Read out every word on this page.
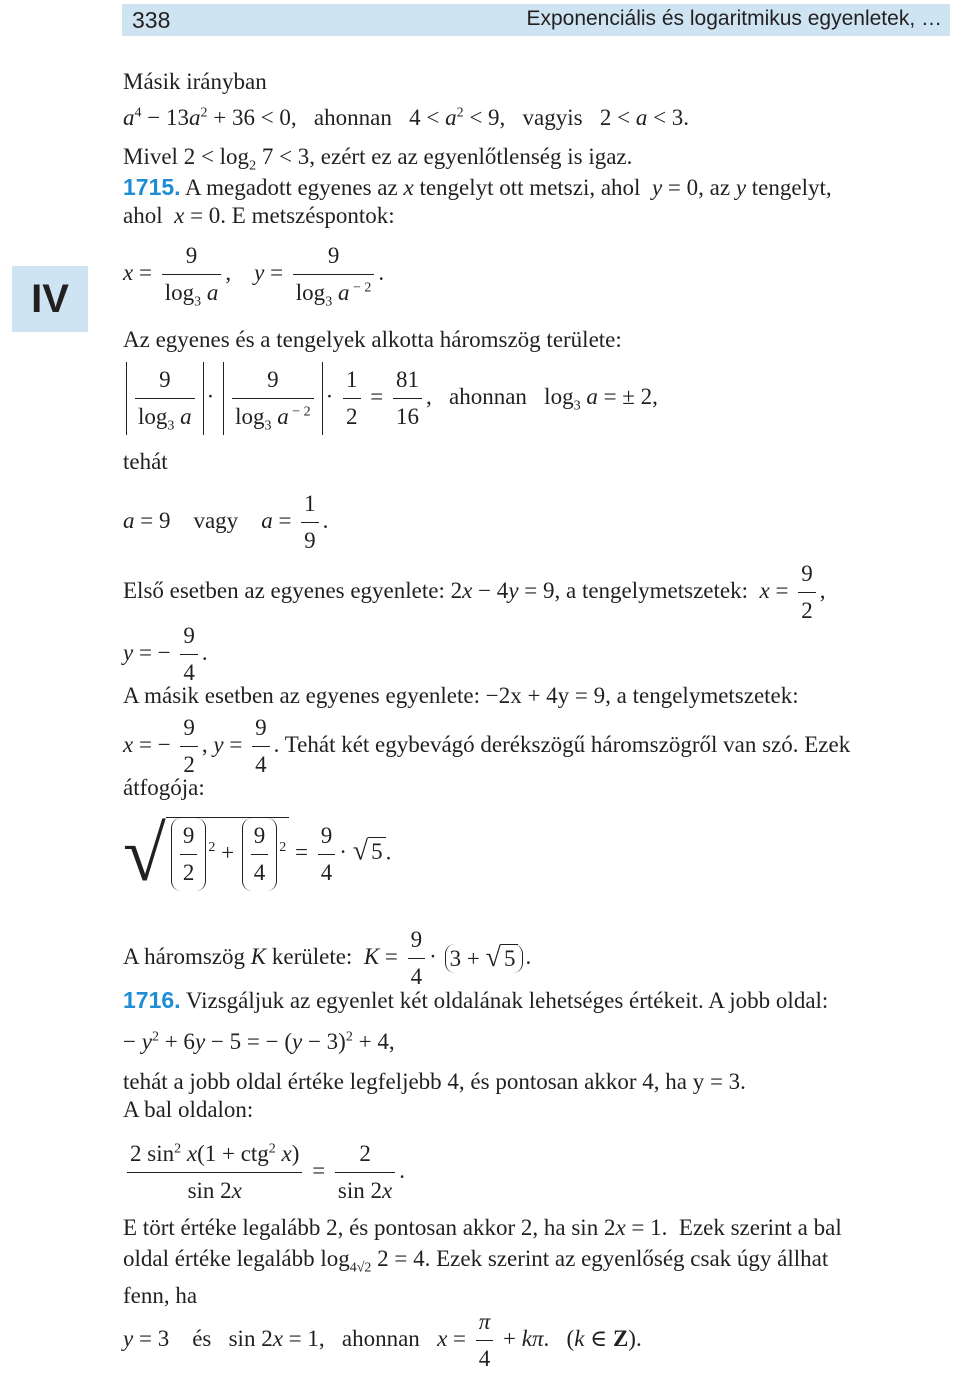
338	Exponenciális és logaritmikus egyenletek, …
IV
Másik irányban
$a^4 - 13a^2 + 36 < 0$,   ahonnan   $4 < a^2 < 9$,   vagyis   2 < a < 3.
Mivel $2 < \log_2 7 < 3$, ezért ez az egyenlőtlenség is igaz.
1715. A megadott egyenes az x tengelyt ott metszi, ahol  y = 0, az y tengelyt,
ahol  x = 0. E metszéspontok:
$x = \frac{9}{\log_3 a}$ ,    $y = \frac{9}{\log_3 a ^{- 2}}$ .
Az egyenes és a tengelyek alkotta háromszög területe:
$\frac{9}{\log_3 a} \cdot \frac{9}{\log_3 a ^{- 2}} \cdot \frac{1}{2} = \frac{81}{16}$ ,   ahonnan   $\log_3 a$ = ± 2,
tehát
a = 9    vagy    $a = \frac{1}{9}$ .
Első esetben az egyenes egyenlete: 2x − 4y = 9, a tengelymetszetek:  $x = \frac{9}{2}$ ,
y = − $\frac{9}{4}$ .
A másik esetben az egyenes egyenlete: −2x + 4y = 9, a tengelymetszetek:
x = − $\frac{9}{2}$ , $y = \frac{9}{4}$ . Tehát két egybevágó derékszögű háromszögről van szó. Ezek
átfogója:
√ $\frac{9}{2} ^2 + \frac{9}{4} ^2 = \frac{9}{4}$ · √ 5 .
A háromszög K kerülete:  $K = \frac{9}{4} \cdot 3$ + √ 5 .
1716. Vizsgáljuk az egyenlet két oldalának lehetséges értékeit. A jobb oldal:
− $y^2 + 6y - 5$ = − $(y - 3)^2 + 4$,
tehát a jobb oldal értéke legfeljebb 4, és pontosan akkor 4, ha y = 3.
A bal oldalon:
2 $\sin^2 x(1 + ctg^2$ x)
sin 2x
= $\frac{2}{\sin 2x}$ .
E tört értéke legalább 2, és pontosan akkor 2, ha sin 2x = 1.  Ezek szerint a bal
oldal értéke legalább $\log_{4√2} 2 = 4$. Ezek szerint az egyenlőség csak úgy állhat
fenn, ha
y = 3    és   sin 2x = 1,   ahonnan   $x = \frac{\pi}{4} + k\pi$.   (k ∈ Z).
